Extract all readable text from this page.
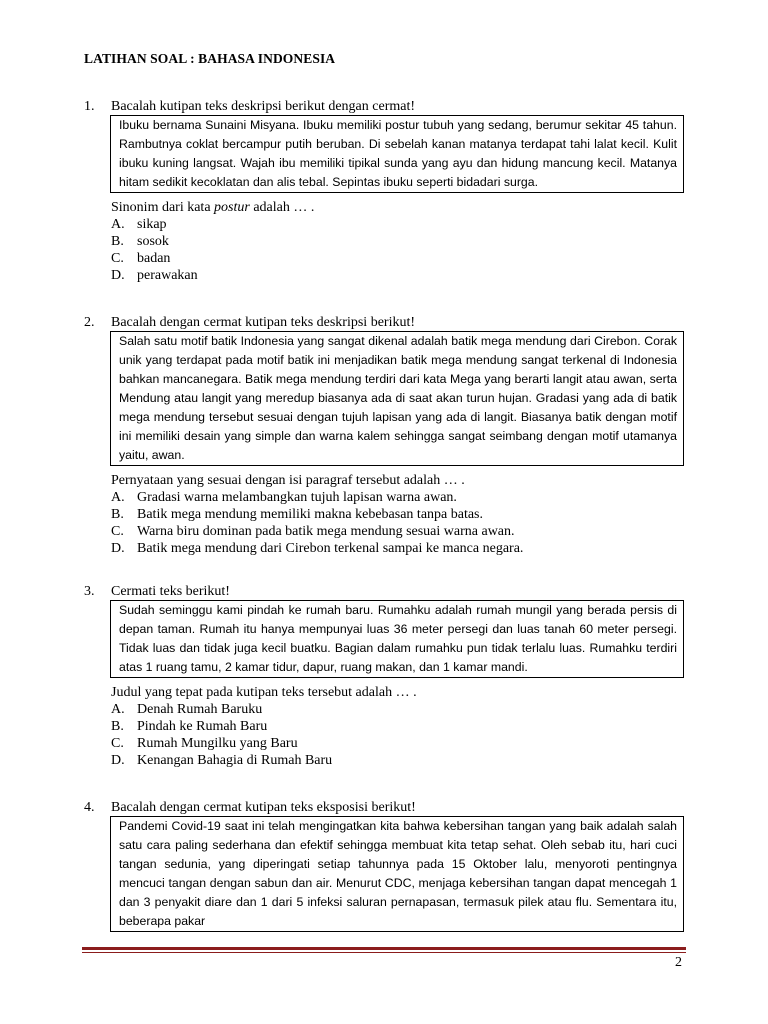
LATIHAN SOAL : BAHASA INDONESIA
1.	Bacalah kutipan teks deskripsi berikut dengan cermat!
Ibuku bernama Sunaini Misyana. Ibuku memiliki postur tubuh yang sedang, berumur sekitar 45 tahun. Rambutnya coklat bercampur putih beruban. Di sebelah kanan matanya terdapat tahi lalat kecil. Kulit ibuku kuning langsat. Wajah ibu memiliki tipikal sunda yang ayu dan hidung mancung kecil. Matanya hitam sedikit kecoklatan dan alis tebal. Sepintas ibuku seperti bidadari surga.
Sinonim dari kata postur adalah … .
A. sikap
B. sosok
C. badan
D. perawakan
2.	Bacalah dengan cermat kutipan teks deskripsi berikut!
Salah satu motif batik Indonesia yang sangat dikenal adalah batik mega mendung dari Cirebon. Corak unik yang terdapat pada motif batik ini menjadikan batik mega mendung sangat terkenal di Indonesia bahkan mancanegara. Batik mega mendung terdiri dari kata Mega yang berarti langit atau awan, serta Mendung atau langit yang meredup biasanya ada di saat akan turun hujan. Gradasi yang ada di batik mega mendung tersebut sesuai dengan tujuh lapisan yang ada di langit. Biasanya batik dengan motif ini memiliki desain yang simple dan warna kalem sehingga sangat seimbang dengan motif utamanya yaitu, awan.
Pernyataan yang sesuai dengan isi paragraf tersebut adalah … .
A. Gradasi warna melambangkan tujuh lapisan warna awan.
B. Batik mega mendung memiliki makna kebebasan tanpa batas.
C. Warna biru dominan pada batik mega mendung sesuai warna awan.
D. Batik mega mendung dari Cirebon terkenal sampai ke manca negara.
3.	Cermati teks berikut!
Sudah seminggu kami pindah ke rumah baru. Rumahku adalah rumah mungil yang berada persis di depan taman. Rumah itu hanya mempunyai luas 36 meter persegi dan luas tanah 60 meter persegi. Tidak luas dan tidak juga kecil buatku. Bagian dalam rumahku pun tidak terlalu luas. Rumahku terdiri atas 1 ruang tamu, 2 kamar tidur, dapur, ruang makan, dan 1 kamar mandi.
Judul yang tepat pada kutipan teks tersebut adalah … .
A. Denah Rumah Baruku
B. Pindah ke Rumah Baru
C. Rumah Mungilku yang Baru
D. Kenangan Bahagia di Rumah Baru
4.	Bacalah dengan cermat kutipan teks eksposisi berikut!
Pandemi Covid-19 saat ini telah mengingatkan kita bahwa kebersihan tangan yang baik adalah salah satu cara paling sederhana dan efektif sehingga membuat kita tetap sehat. Oleh sebab itu, hari cuci tangan sedunia, yang diperingati setiap tahunnya pada 15 Oktober lalu, menyoroti pentingnya mencuci tangan dengan sabun dan air. Menurut CDC, menjaga kebersihan tangan dapat mencegah 1 dan 3 penyakit diare dan 1 dari 5 infeksi saluran pernapasan, termasuk pilek atau flu. Sementara itu, beberapa pakar
2
